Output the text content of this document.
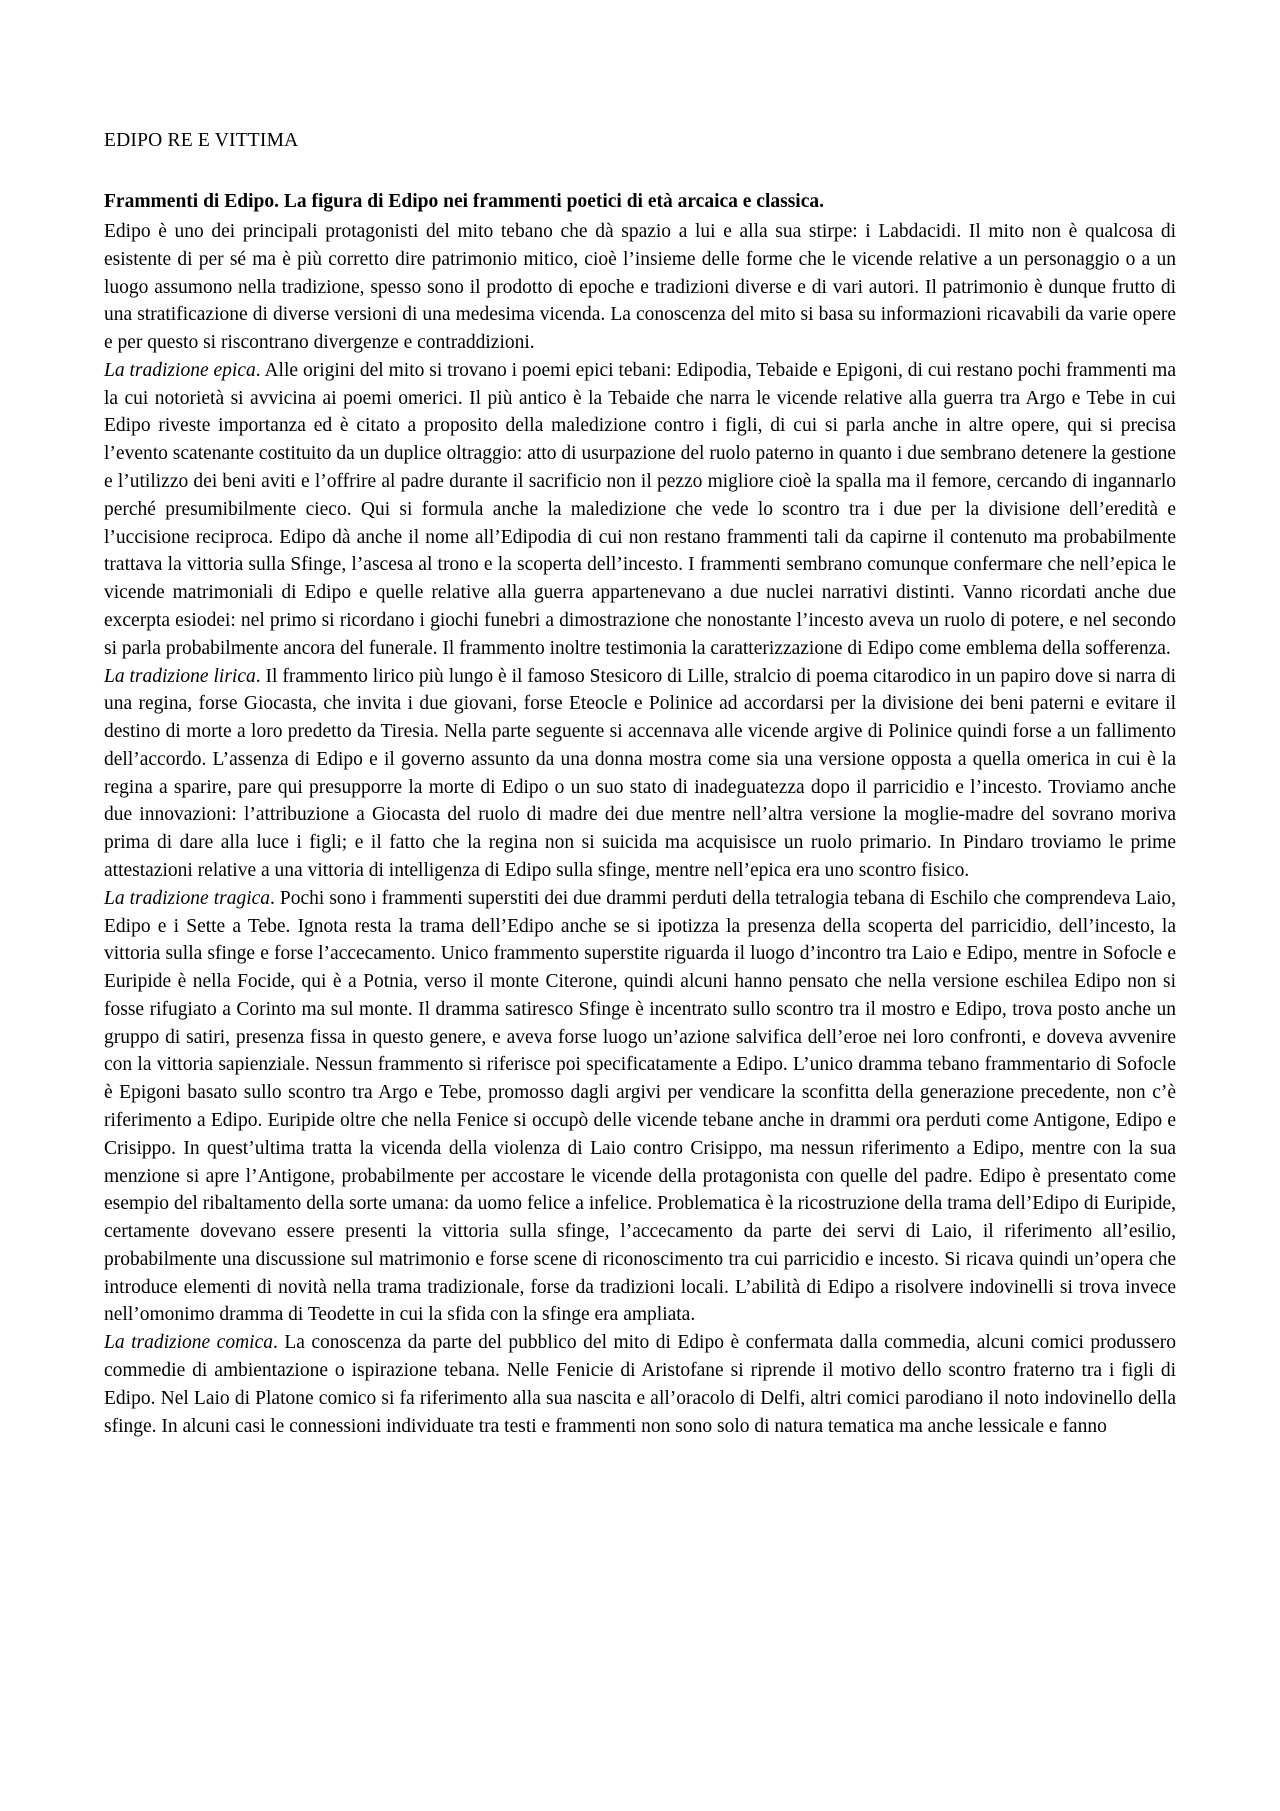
EDIPO RE E VITTIMA
Frammenti di Edipo. La figura di Edipo nei frammenti poetici di età arcaica e classica.

Edipo è uno dei principali protagonisti del mito tebano che dà spazio a lui e alla sua stirpe: i Labdacidi. Il mito non è qualcosa di esistente di per sé ma è più corretto dire patrimonio mitico, cioè l’insieme delle forme che le vicende relative a un personaggio o a un luogo assumono nella tradizione, spesso sono il prodotto di epoche e tradizioni diverse e di vari autori. Il patrimonio è dunque frutto di una stratificazione di diverse versioni di una medesima vicenda. La conoscenza del mito si basa su informazioni ricavabili da varie opere e per questo si riscontrano divergenze e contraddizioni.

La tradizione epica. Alle origini del mito si trovano i poemi epici tebani: Edipodia, Tebaide e Epigoni, di cui restano pochi frammenti ma la cui notorietà si avvicina ai poemi omerici. Il più antico è la Tebaide che narra le vicende relative alla guerra tra Argo e Tebe in cui Edipo riveste importanza ed è citato a proposito della maledizione contro i figli, di cui si parla anche in altre opere, qui si precisa l’evento scatenante costituito da un duplice oltraggio: atto di usurpazione del ruolo paterno in quanto i due sembrano detenere la gestione e l’utilizzo dei beni aviti e l’offrire al padre durante il sacrificio non il pezzo migliore cioè la spalla ma il femore, cercando di ingannarlo perché presumibilmente cieco. Qui si formula anche la maledizione che vede lo scontro tra i due per la divisione dell’eredità e l’uccisione reciproca. Edipo dà anche il nome all’Edipodia di cui non restano frammenti tali da capirne il contenuto ma probabilmente trattava la vittoria sulla Sfinge, l’ascesa al trono e la scoperta dell’incesto. I frammenti sembrano comunque confermare che nell’epica le vicende matrimoniali di Edipo e quelle relative alla guerra appartenevano a due nuclei narrativi distinti. Vanno ricordati anche due excerpta esiodei: nel primo si ricordano i giochi funebri a dimostrazione che nonostante l’incesto aveva un ruolo di potere, e nel secondo si parla probabilmente ancora del funerale. Il frammento inoltre testimonia la caratterizzazione di Edipo come emblema della sofferenza.

La tradizione lirica. Il frammento lirico più lungo è il famoso Stesicoro di Lille, stralcio di poema citarodico in un papiro dove si narra di una regina, forse Giocasta, che invita i due giovani, forse Eteocle e Polinice ad accordarsi per la divisione dei beni paterni e evitare il destino di morte a loro predetto da Tiresia. Nella parte seguente si accennava alle vicende argive di Polinice quindi forse a un fallimento dell’accordo. L’assenza di Edipo e il governo assunto da una donna mostra come sia una versione opposta a quella omerica in cui è la regina a sparire, pare qui presupporre la morte di Edipo o un suo stato di inadeguatezza dopo il parricidio e l’incesto. Troviamo anche due innovazioni: l’attribuzione a Giocasta del ruolo di madre dei due mentre nell’altra versione la moglie-madre del sovrano moriva prima di dare alla luce i figli; e il fatto che la regina non si suicida ma acquisisce un ruolo primario. In Pindaro troviamo le prime attestazioni relative a una vittoria di intelligenza di Edipo sulla sfinge, mentre nell’epica era uno scontro fisico.

La tradizione tragica. Pochi sono i frammenti superstiti dei due drammi perduti della tetralogia tebana di Eschilo che comprendeva Laio, Edipo e i Sette a Tebe. Ignota resta la trama dell’Edipo anche se si ipotizza la presenza della scoperta del parricidio, dell’incesto, la vittoria sulla sfinge e forse l’accecamento. Unico frammento superstite riguarda il luogo d’incontro tra Laio e Edipo, mentre in Sofocle e Euripide è nella Focide, qui è a Potnia, verso il monte Citerone, quindi alcuni hanno pensato che nella versione eschilea Edipo non si fosse rifugiato a Corinto ma sul monte. Il dramma satiresco Sfinge è incentrato sullo scontro tra il mostro e Edipo, trova posto anche un gruppo di satiri, presenza fissa in questo genere, e aveva forse luogo un’azione salvifica dell’eroe nei loro confronti, e doveva avvenire con la vittoria sapienziale. Nessun frammento si riferisce poi specificatamente a Edipo. L’unico dramma tebano frammentario di Sofocle è Epigoni basato sullo scontro tra Argo e Tebe, promosso dagli argivi per vendicare la sconfitta della generazione precedente, non c’è riferimento a Edipo. Euripide oltre che nella Fenice si occupò delle vicende tebane anche in drammi ora perduti come Antigone, Edipo e Crisippo. In quest’ultima tratta la vicenda della violenza di Laio contro Crisippo, ma nessun riferimento a Edipo, mentre con la sua menzione si apre l’Antigone, probabilmente per accostare le vicende della protagonista con quelle del padre. Edipo è presentato come esempio del ribaltamento della sorte umana: da uomo felice a infelice. Problematica è la ricostruzione della trama dell’Edipo di Euripide, certamente dovevano essere presenti la vittoria sulla sfinge, l’accecamento da parte dei servi di Laio, il riferimento all’esilio, probabilmente una discussione sul matrimonio e forse scene di riconoscimento tra cui parricidio e incesto. Si ricava quindi un’opera che introduce elementi di novità nella trama tradizionale, forse da tradizioni locali. L’abilità di Edipo a risolvere indovinelli si trova invece nell’omonimo dramma di Teodette in cui la sfida con la sfinge era ampliata.

La tradizione comica. La conoscenza da parte del pubblico del mito di Edipo è confermata dalla commedia, alcuni comici produssero commedie di ambientazione o ispirazione tebana. Nelle Fenicie di Aristofane si riprende il motivo dello scontro fraterno tra i figli di Edipo. Nel Laio di Platone comico si fa riferimento alla sua nascita e all’oracolo di Delfi, altri comici parodiano il noto indovinello della sfinge. In alcuni casi le connessioni individuate tra testi e frammenti non sono solo di natura tematica ma anche lessicale e fanno
